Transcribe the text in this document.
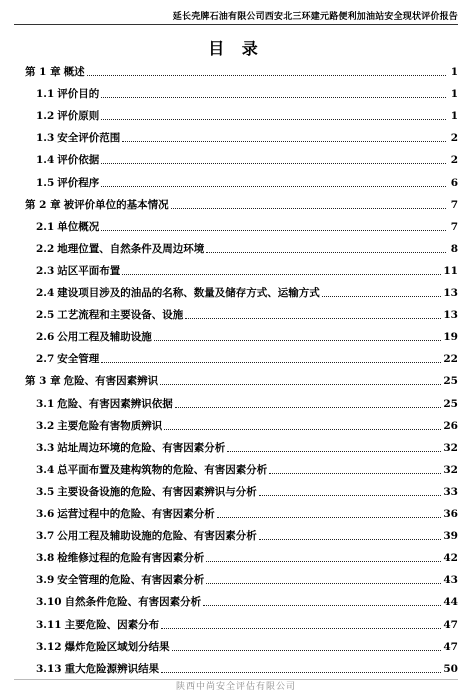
延长壳牌石油有限公司西安北三环建元路便利加油站安全现状评价报告
目 录
第 1 章 概述	1
1.1 评价目的	1
1.2 评价原则	1
1.3 安全评价范围	2
1.4 评价依据	2
1.5 评价程序	6
第 2 章 被评价单位的基本情况	7
2.1 单位概况	7
2.2 地理位置、自然条件及周边环境	8
2.3 站区平面布置	11
2.4 建设项目涉及的油品的名称、数量及储存方式、运输方式	13
2.5 工艺流程和主要设备、设施	13
2.6 公用工程及辅助设施	19
2.7 安全管理	22
第 3 章 危险、有害因素辨识	25
3.1 危险、有害因素辨识依据	25
3.2 主要危险有害物质辨识	26
3.3 站址周边环境的危险、有害因素分析	32
3.4 总平面布置及建构筑物的危险、有害因素分析	32
3.5 主要设备设施的危险、有害因素辨识与分析	33
3.6 运营过程中的危险、有害因素分析	36
3.7 公用工程及辅助设施的危险、有害因素分析	39
3.8 检维修过程的危险有害因素分析	42
3.9 安全管理的危险、有害因素分析	43
3.10 自然条件危险、有害因素分析	44
3.11 主要危险、因素分布	47
3.12 爆炸危险区域划分结果	47
3.13 重大危险源辨识结果	50
陕西中尚安全评估有限公司
